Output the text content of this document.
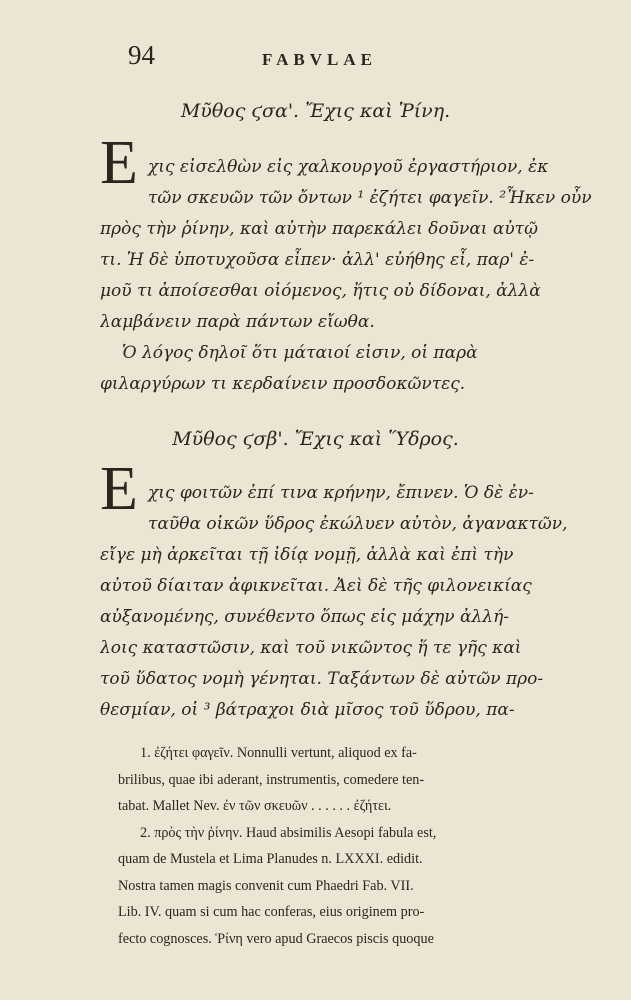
94	FABVLAE
Μῦθος ϛσα'. Ἔχις καὶ Ῥίνη.
E χις εἰσελθὼν εἰς χαλκουργοῦ ἐργαστήριον, ἐκ
τῶν σκευῶν τῶν ὄντων ¹ ἐζήτει φαγεῖν. ²Ἧκεν οὖν
πρὸς τὴν ῥίνην, καὶ αὐτὴν παρεκάλει δοῦναι αὐτῷ
τι. Ἡ δὲ ὑποτυχοῦσα εἶπεν· ἀλλ' εὐήθης εἶ, παρ' ἐ-
μοῦ τι ἀποίσεσθαι οἰόμενος, ἥτις οὐ δίδοναι, ἀλλὰ
λαμβάνειν παρὰ πάντων εἴωθα.
Ὁ λόγος δηλοῖ ὅτι μάταιοί εἰσιν, οἱ παρὰ
φιλαργύρων τι κερδαίνειν προσδοκῶντες.
Μῦθος ϛσβ'. Ἔχις καὶ Ὕδρος.
E χις φοιτῶν ἐπί τινα κρήνην, ἔπινεν. Ὁ δὲ ἐν-
ταῦθα οἰκῶν ὕδρος ἐκώλυεν αὐτὸν, ἀγανακτῶν,
εἴγε μὴ ἀρκεῖται τῇ ἰδίᾳ νομῇ, ἀλλὰ καὶ ἐπὶ τὴν
αὐτοῦ δίαιταν ἀφικνεῖται. Ἀεὶ δὲ τῆς φιλονεικίας
αὐξανομένης, συνέθεντο ὅπως εἰς μάχην ἀλλή-
λοις καταστῶσιν, καὶ τοῦ νικῶντος ἥ τε γῆς καὶ
τοῦ ὕδατος νομὴ γένηται. Ταξάντων δὲ αὐτῶν προ-
θεσμίαν, οἱ ³ βάτραχοι διὰ μῖσος τοῦ ὕδρου, πα-
1. ἐζήτει φαγεῖν. Nonnulli vertunt, aliquod ex fa-
brilibus, quae ibi aderant, instrumentis, comedere ten-
tabat. Mallet Nev. ἐν τῶν σκευῶν . . . . . . ἐζήτει.
2. πρὸς τὴν ῥίνην. Haud absimilis Aesopi fabula est,
quam de Mustela et Lima Planudes n. LXXXI. edidit.
Nostra tamen magis convenit cum Phaedri Fab. VII.
Lib. IV. quam si cum hac conferas, eius originem pro-
fecto cognosces. Ῥίνη vero apud Graecos piscis quoque
